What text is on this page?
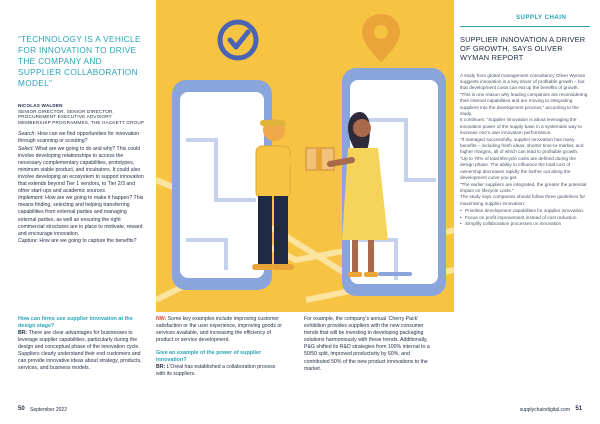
SUPPLY CHAIN
“TECHNOLOGY IS A VEHICLE FOR INNOVATION TO DRIVE THE COMPANY AND SUPPLIER COLLABORATION MODEL”
NICOLAS WALDEN
SENIOR DIRECTOR, SENIOR DIRECTOR, PROCUREMENT EXECUTIVE ADVISORY MEMBERSHIP PROGRAMMES, THE HACKETT GROUP

Search: How can we find opportunities for innovation through scanning or scouting?

Select: What are we going to do and why? This could involve developing relationships to access the necessary complementary capabilities, prototypes, minimum viable product, and incubators. It could also involve developing an ecosystem to support innovation that extends beyond Tier 1 vendors, to Tier 2/3 and other start-ups and academic sources.

Implement: How are we going to make it happen? This means finding, selecting and helping transferring capabilities from external parties and managing external parties, as well as ensuring the right commercial structures are in place to motivate, reward and encourage innovation.

Capture: How are we going to capture the benefits?

How can firms use supplier innovation at the design stage?

BR: There are clear advantages for businesses to leverage supplier capabilities, particularly during the design and conceptual phase of the innovation cycle. Suppliers clearly understand their end customers and can provide innovative ideas about strategy, products, services, and business models.

NW: Some key examples include improving customer satisfaction or the user experience, improving goods or services available, and increasing the efficiency of product or service development.

Give an example of the power of supplier innovation?

BR: L’Oréal has established a collaboration process with its suppliers.

For example, the company’s annual ‘Cherry Pack’ exhibition provides suppliers with the new consumer trends that will be investing in developing packaging solutions harmoniously with these trends. Additionally, P&G shifted its R&D strategies from 100% internal to a 50/50 split, improved productivity by 60%, and contributed 50% of the new product innovations to the market.

SUPPLIER INNOVATION A DRIVER OF GROWTH, SAYS OLIVER WYMAN REPORT

A study from global management consultancy Oliver Wyman suggests innovation is a key driver of profitable growth – but that development costs can eat up the benefits of growth.

“This is one reason why leading companies are reconsidering their internal capabilities and are moving to integrating suppliers into the development process,” according to the study.

It continues: “Supplier innovation is about leveraging the innovation power of the supply base in a systematic way to increase one’s own innovation performance.

“If managed successfully, supplier innovation has many benefits – including fresh ideas, shorter time-to-market, and higher margins, all of which can lead to profitable growth.

“Up to 70% of total lifecycle costs are defined during the design phase. The ability to influence the total cost of ownership decreases rapidly the further out along the development curve you get.

“The earlier suppliers are integrated, the greater the potential impact on lifecycle costs.”

The study says companies should follow three guidelines for maximising supplier innovation:

• Prioritise development capabilities for supplier innovation.
• Focus on profit improvement instead of cost reduction
• Simplify collaboration processes on innovation
50 September 2022	supplychaindigital.com 51
